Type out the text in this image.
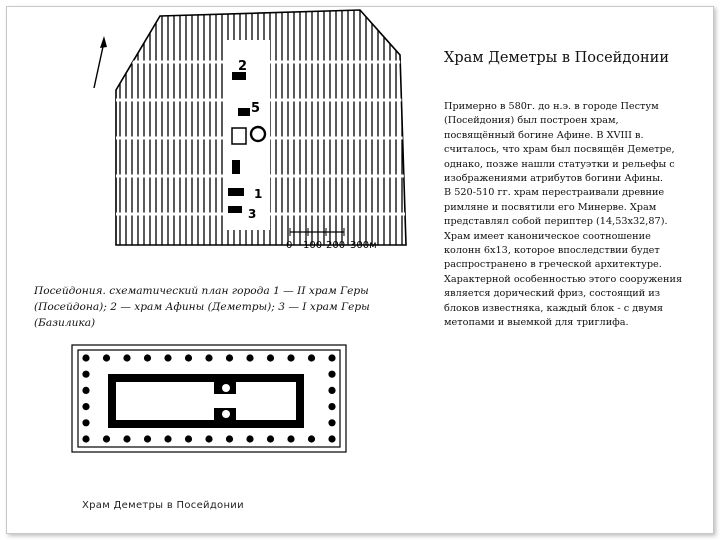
2
5
1
3
0 100 200 300м
Храм Деметры в Посейдонии

Примерно в 580г. до н.э. в городе Пестум (Посейдония) был построен храм, посвящённый богине Афине. В XVIII в. считалось, что храм был посвящён Деметре, однако, позже нашли статуэтки и рельефы с изображениями атрибутов богини Афины.

В 520-510 гг. храм перестраивали древние римляне и посвятили его Минерве. Храм представлял собой периптер (14,53х32,87). Храм имеет каноническое соотношение колонн 6х13, которое впоследствии будет распространено в греческой архитектуре. Характерной особенностью этого сооружения является дорический фриз, состоящий из блоков известняка, каждый блок - с двумя метопами и выемкой для триглифа.

Посейдония. схематический план города 1 — II храм Геры (Посейдона); 2 — храм Афины (Деметры); 3 — I храм Геры (Базилика)
Храм Деметры в Посейдонии
